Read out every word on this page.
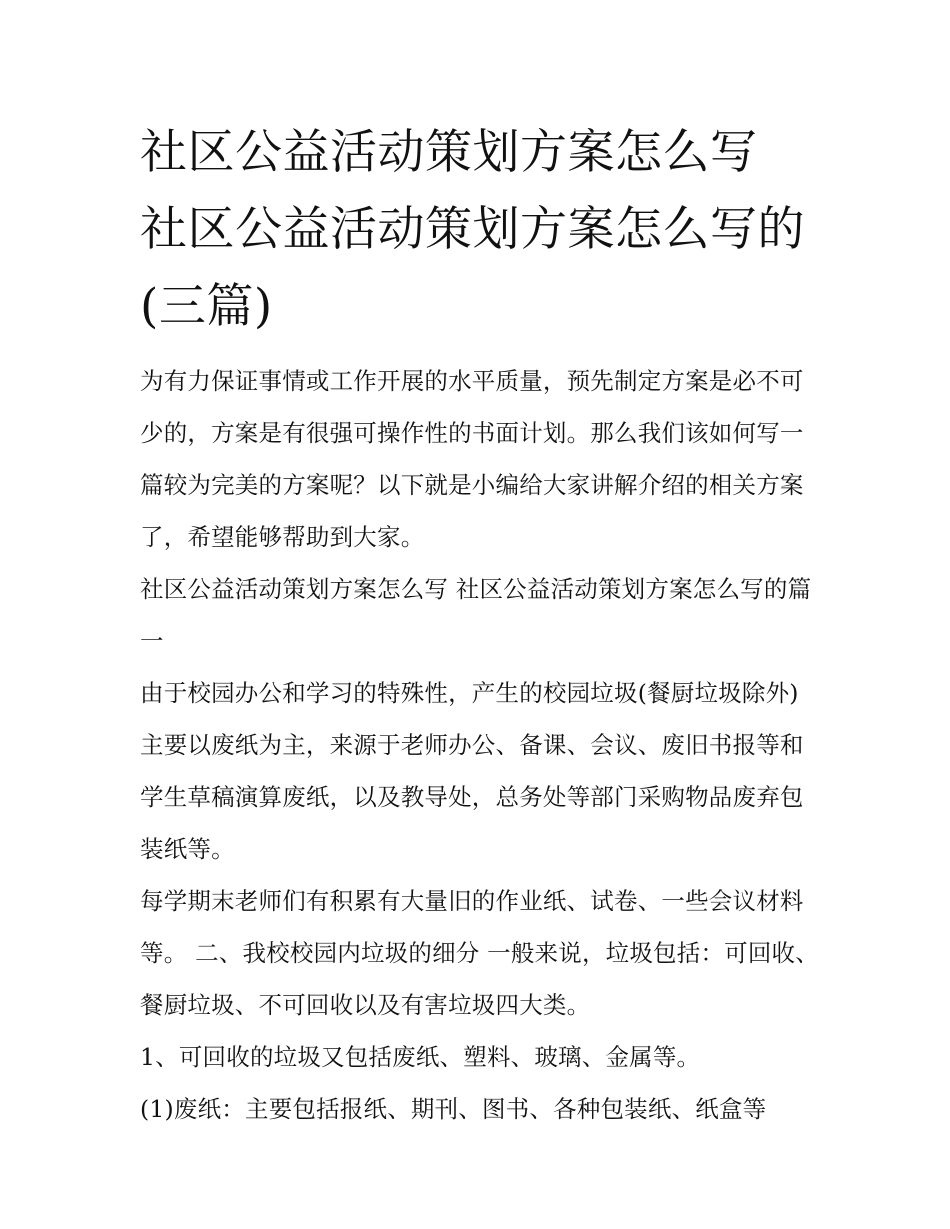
社区公益活动策划方案怎么写 社区公益活动策划方案怎么写的(三篇)

为有力保证事情或工作开展的水平质量，预先制定方案是必不可少的，方案是有很强可操作性的书面计划。那么我们该如何写一篇较为完美的方案呢？以下就是小编给大家讲解介绍的相关方案了，希望能够帮助到大家。

社区公益活动策划方案怎么写 社区公益活动策划方案怎么写的篇一

由于校园办公和学习的特殊性，产生的校园垃圾(餐厨垃圾除外)主要以废纸为主，来源于老师办公、备课、会议、废旧书报等和学生草稿演算废纸，以及教导处，总务处等部门采购物品废弃包装纸等。

每学期末老师们有积累有大量旧的作业纸、试卷、一些会议材料等。 二、我校校园内垃圾的细分 一般来说，垃圾包括：可回收、餐厨垃圾、不可回收以及有害垃圾四大类。

1、可回收的垃圾又包括废纸、塑料、玻璃、金属等。

(1)废纸：主要包括报纸、期刊、图书、各种包装纸、纸盒等
